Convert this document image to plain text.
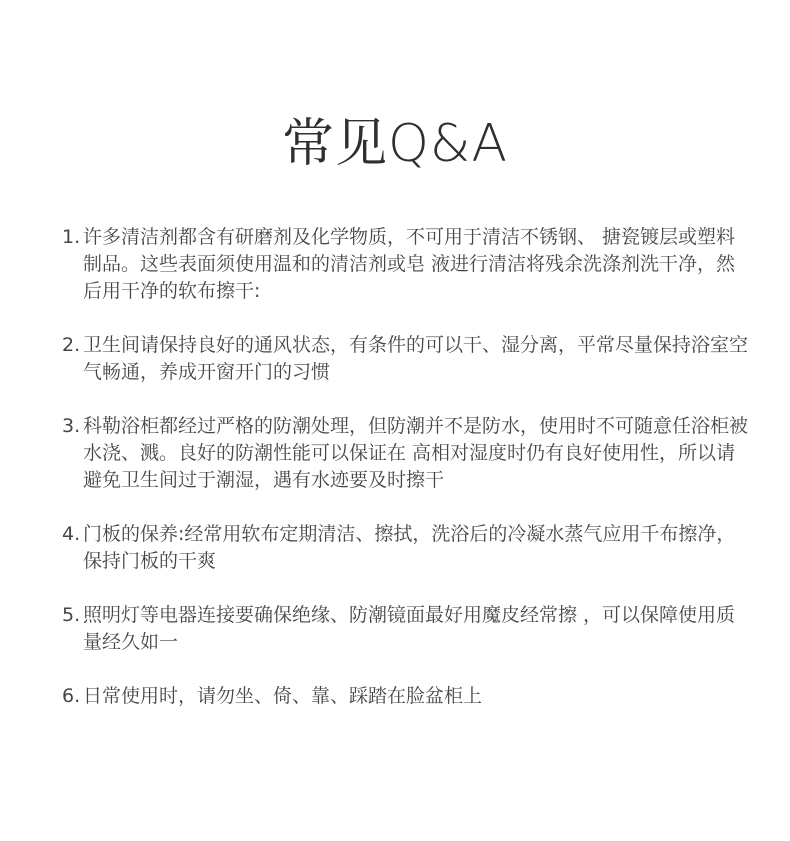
常见Q&A
1. 许多清洁剂都含有研磨剂及化学物质，不可用于清洁不锈钢、 搪瓷镀层或塑料制品。这些表面须使用温和的清洁剂或皂 液进行清洁将残余洗涤剂洗干净，然后用干净的软布擦干:
2. 卫生间请保持良好的通风状态，有条件的可以干、湿分离，平常尽量保持浴室空气畅通，养成开窗开门的习惯
3. 科勒浴柜都经过严格的防潮处理，但防潮并不是防水，使用时不可随意任浴柜被水浇、溅。良好的防潮性能可以保证在 高相对湿度时仍有良好使用性，所以请避免卫生间过于潮湿，遇有水迹要及时擦干
4. 门板的保养:经常用软布定期清洁、擦拭，洗浴后的冷凝水蒸气应用千布擦净，保持门板的干爽
5. 照明灯等电器连接要确保绝缘、防潮镜面最好用魔皮经常擦 ，可以保障使用质量经久如一
6. 日常使用时，请勿坐、倚、靠、踩踏在脸盆柜上
